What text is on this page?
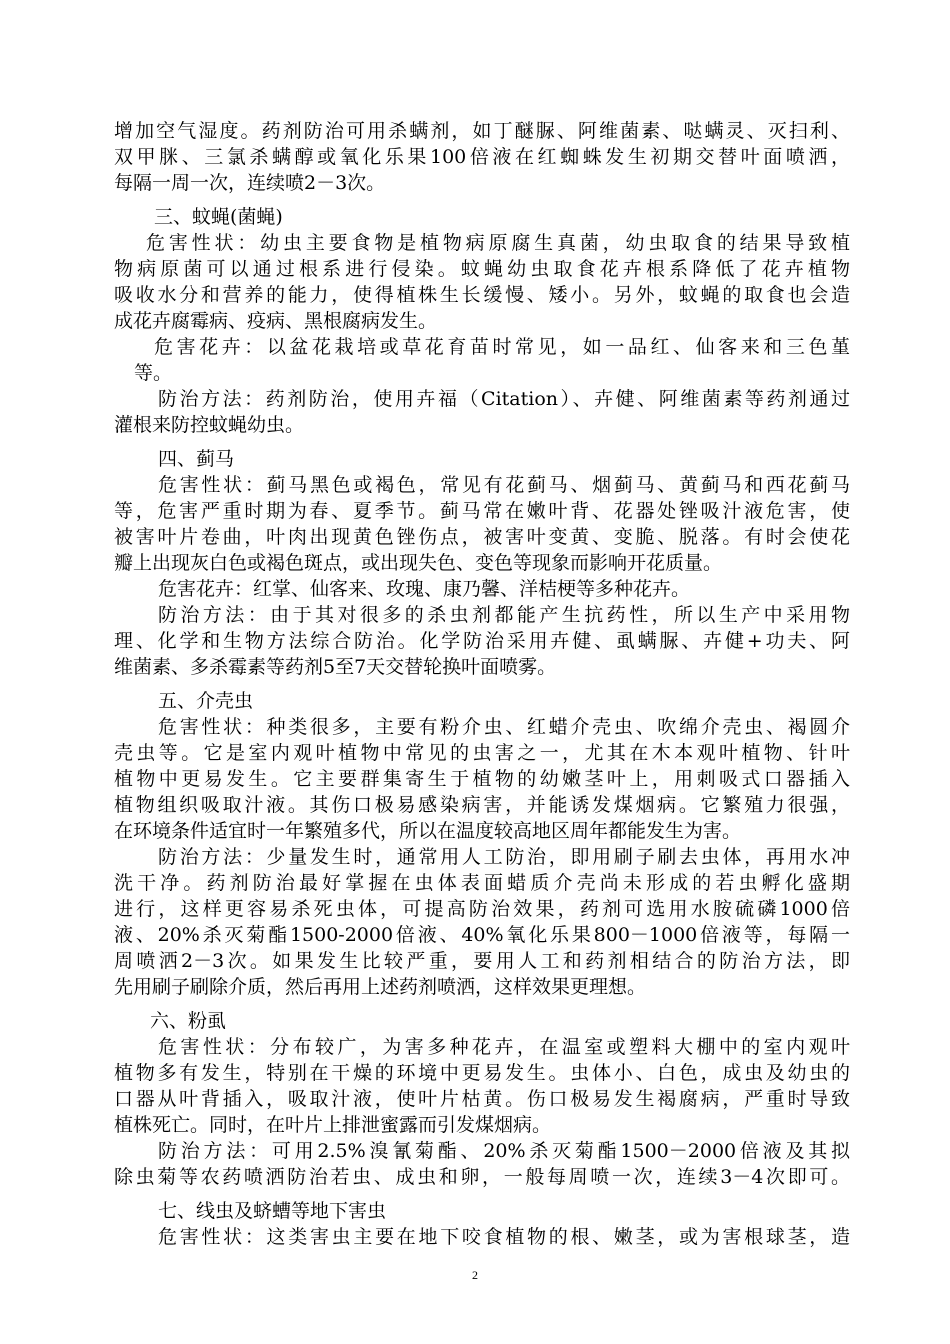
增加空气湿度。药剂防治可用杀螨剂，如丁醚脲、阿维菌素、哒螨灵、灭扫利、
双甲脒、三氯杀螨醇或氧化乐果100倍液在红蜘蛛发生初期交替叶面喷洒，
每隔一周一次，连续喷2－3次。
三、蚊蝇(菌蝇)
危害性状：幼虫主要食物是植物病原腐生真菌，幼虫取食的结果导致植
物病原菌可以通过根系进行侵染。蚊蝇幼虫取食花卉根系降低了花卉植物
吸收水分和营养的能力，使得植株生长缓慢、矮小。另外，蚊蝇的取食也会造
成花卉腐霉病、疫病、黑根腐病发生。
危害花卉：以盆花栽培或草花育苗时常见，如一品红、仙客来和三色堇
等。
防治方法：药剂防治，使用卉福（Citation）、卉健、阿维菌素等药剂通过
灌根来防控蚊蝇幼虫。
四、蓟马
危害性状：蓟马黑色或褐色，常见有花蓟马、烟蓟马、黄蓟马和西花蓟马
等，危害严重时期为春、夏季节。蓟马常在嫩叶背、花器处锉吸汁液危害，使
被害叶片卷曲，叶肉出现黄色锉伤点，被害叶变黄、变脆、脱落。有时会使花
瓣上出现灰白色或褐色斑点，或出现失色、变色等现象而影响开花质量。
危害花卉：红掌、仙客来、玫瑰、康乃馨、洋桔梗等多种花卉。
防治方法：由于其对很多的杀虫剂都能产生抗药性，所以生产中采用物
理、化学和生物方法综合防治。化学防治采用卉健、虱螨脲、卉健+功夫、阿
维菌素、多杀霉素等药剂5至7天交替轮换叶面喷雾。
五、介壳虫
危害性状：种类很多，主要有粉介虫、红蜡介壳虫、吹绵介壳虫、褐圆介
壳虫等。它是室内观叶植物中常见的虫害之一，尤其在木本观叶植物、针叶
植物中更易发生。它主要群集寄生于植物的幼嫩茎叶上，用刺吸式口器插入
植物组织吸取汁液。其伤口极易感染病害，并能诱发煤烟病。它繁殖力很强，
在环境条件适宜时一年繁殖多代，所以在温度较高地区周年都能发生为害。
防治方法：少量发生时，通常用人工防治，即用刷子刷去虫体，再用水冲
洗干净。药剂防治最好掌握在虫体表面蜡质介壳尚未形成的若虫孵化盛期
进行，这样更容易杀死虫体，可提高防治效果，药剂可选用水胺硫磷1000倍
液、20%杀灭菊酯1500-2000倍液、40%氧化乐果800－1000倍液等，每隔一
周喷洒2－3次。如果发生比较严重，要用人工和药剂相结合的防治方法，即
先用刷子刷除介质，然后再用上述药剂喷洒，这样效果更理想。
六、粉虱
危害性状：分布较广，为害多种花卉，在温室或塑料大棚中的室内观叶
植物多有发生，特别在干燥的环境中更易发生。虫体小、白色，成虫及幼虫的
口器从叶背插入，吸取汁液，使叶片枯黄。伤口极易发生褐腐病，严重时导致
植株死亡。同时，在叶片上排泄蜜露而引发煤烟病。
防治方法：可用2.5%溴氰菊酯、20%杀灭菊酯1500－2000倍液及其拟
除虫菊等农药喷洒防治若虫、成虫和卵，一般每周喷一次，连续3－4次即可。
七、线虫及蛴螬等地下害虫
危害性状：这类害虫主要在地下咬食植物的根、嫩茎，或为害根球茎，造
2
